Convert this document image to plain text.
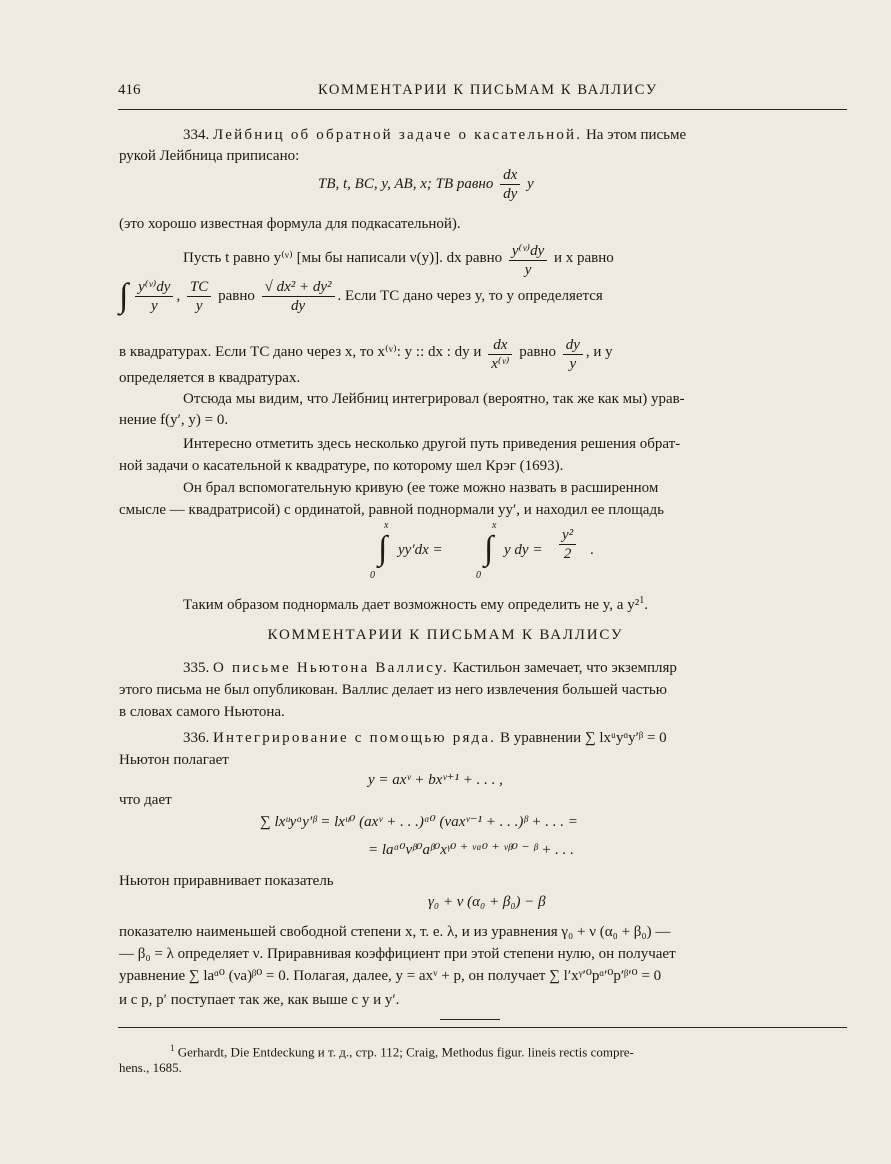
416	КОММЕНТАРИИ К ПИСЬМАМ К ВАЛЛИСУ
334. Лейбниц об обратной задаче о касательной. На этом письме
рукой Лейбница приписано:
TB, t, BC, y, AB, x; TB равно $\frac{dx}{dy}$ y
(это хорошо известная формула для подкасательной).
Пусть t равно y⁽ᵛ⁾ [мы бы написали ν(y)]. dx равно $\frac{\text{y⁽ᵛ⁾dy}}{y}$ и x равно
∫ $\frac{\text{y⁽ᵛ⁾dy}}{y}$ , $\frac{TC}{y}$ равно $\frac{\text{√ dx² + dy²}}{dy}$ . Если TC дано через y, то y определяется
в квадратурах. Если TC дано через x, то x⁽ᵛ⁾: y :: dx : dy и $\frac{dx}{\text{x⁽ᵛ⁾}}$ равно $\frac{dy}{y}$ , и y
определяется в квадратурах.
Отсюда мы видим, что Лейбниц интегрировал (вероятно, так же как мы) урав-
нение f(y′, y) = 0.
Интересно отметить здесь несколько другой путь приведения решения обрат-
ной задачи о касательной к квадратуре, по которому шел Крэг (1693).
Он брал вспомогательную кривую (ее тоже можно назвать в расширенном
смысле — квадратрисой) с ординатой, равной поднормали yy′, и находил ее площадь
x
∫
0
yy′dx =
x
∫
0
y dy = $\frac{\text{y²}}{2}$ .
Таким образом поднормаль дает возможность ему определить не y, а y²$^1$.
КОММЕНТАРИИ К ПИСЬМАМ К ВАЛЛИСУ
335. О письме Ньютона Валлису. Кастильон замечает, что экземпляр
этого письма не был опубликован. Валлис делает из него извлечения большей частью
в словах самого Ньютона.
336. Интегрирование с помощью ряда. В уравнении ∑ lxᵘyᵅy′ᵝ = 0
Ньютон полагает
y = axᵛ + bxᵛ⁺¹ + . . . ,
что дает
∑ lxᵘyᵅy′ᵝ = lxᵘ⁰ (axᵛ + . . .)ᵅ⁰ (νaxᵛ⁻¹ + . . .)ᵝ + . . . =
= laᵅ⁰νᵝ⁰aᵝ⁰xᵞ⁰ ⁺ ᵛᵅ⁰ ⁺ ᵛᵝ⁰ ⁻ ᵝ + . . .
Ньютон приравнивает показатель
γ₀ + ν (α₀ + β₀) − β
показателю наименьшей свободной степени x, т. е. λ, и из уравнения γ₀ + ν (α₀ + β₀) —
— β₀ = λ определяет ν. Приравнивая коэффициент при этой степени нулю, он получает
уравнение ∑ laᵅ⁰ (νa)ᵝ⁰ = 0. Полагая, далее, y = axᵛ + p, он получает ∑ l′xᵞ′⁰pᵅ′⁰p′ᵝ′⁰ = 0
и с p, p′ поступает так же, как выше с y и y′.
$^1$ Gerhardt, Die Entdeckung и т. д., стр. 112; Craig, Methodus figur. lineis rectis compre-
hens., 1685.
